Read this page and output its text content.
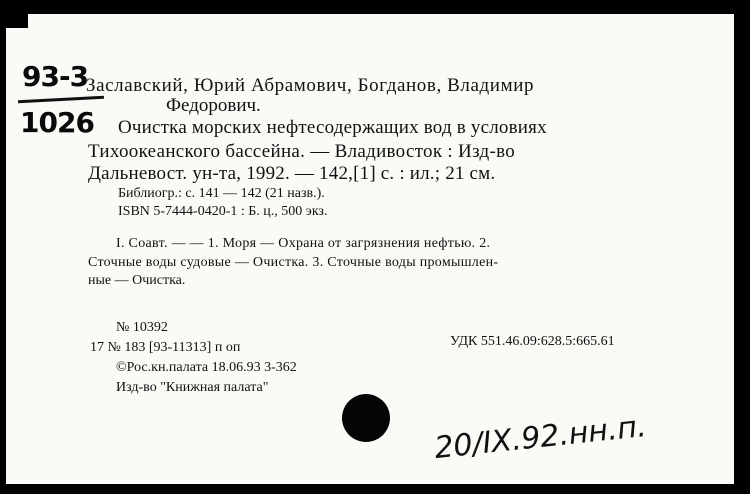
93-3
1026
Заславский, Юрий Абрамович, Богданов, Владимир
Федорович.
Очистка морских нефтесодержащих вод в условиях
Тихоокеанского бассейна. — Владивосток : Изд-во
Дальневост. ун-та, 1992. — 142,[1] с. : ил.; 21 см.
Библиогр.: с. 141 — 142 (21 назв.).
ISBN 5-7444-0420-1 : Б. ц., 500 экз.
I. Соавт. — — 1. Моря — Охрана от загрязнения нефтью. 2.
Сточные воды судовые — Очистка. 3. Сточные воды промышлен-
ные — Очистка.
№ 10392
УДК 551.46.09:628.5:665.61
17 № 183 [93-11313] п оп
©Рос.кн.палата 18.06.93 3-362
Изд-во "Книжная палата"
20/IX.92.нн.п.
